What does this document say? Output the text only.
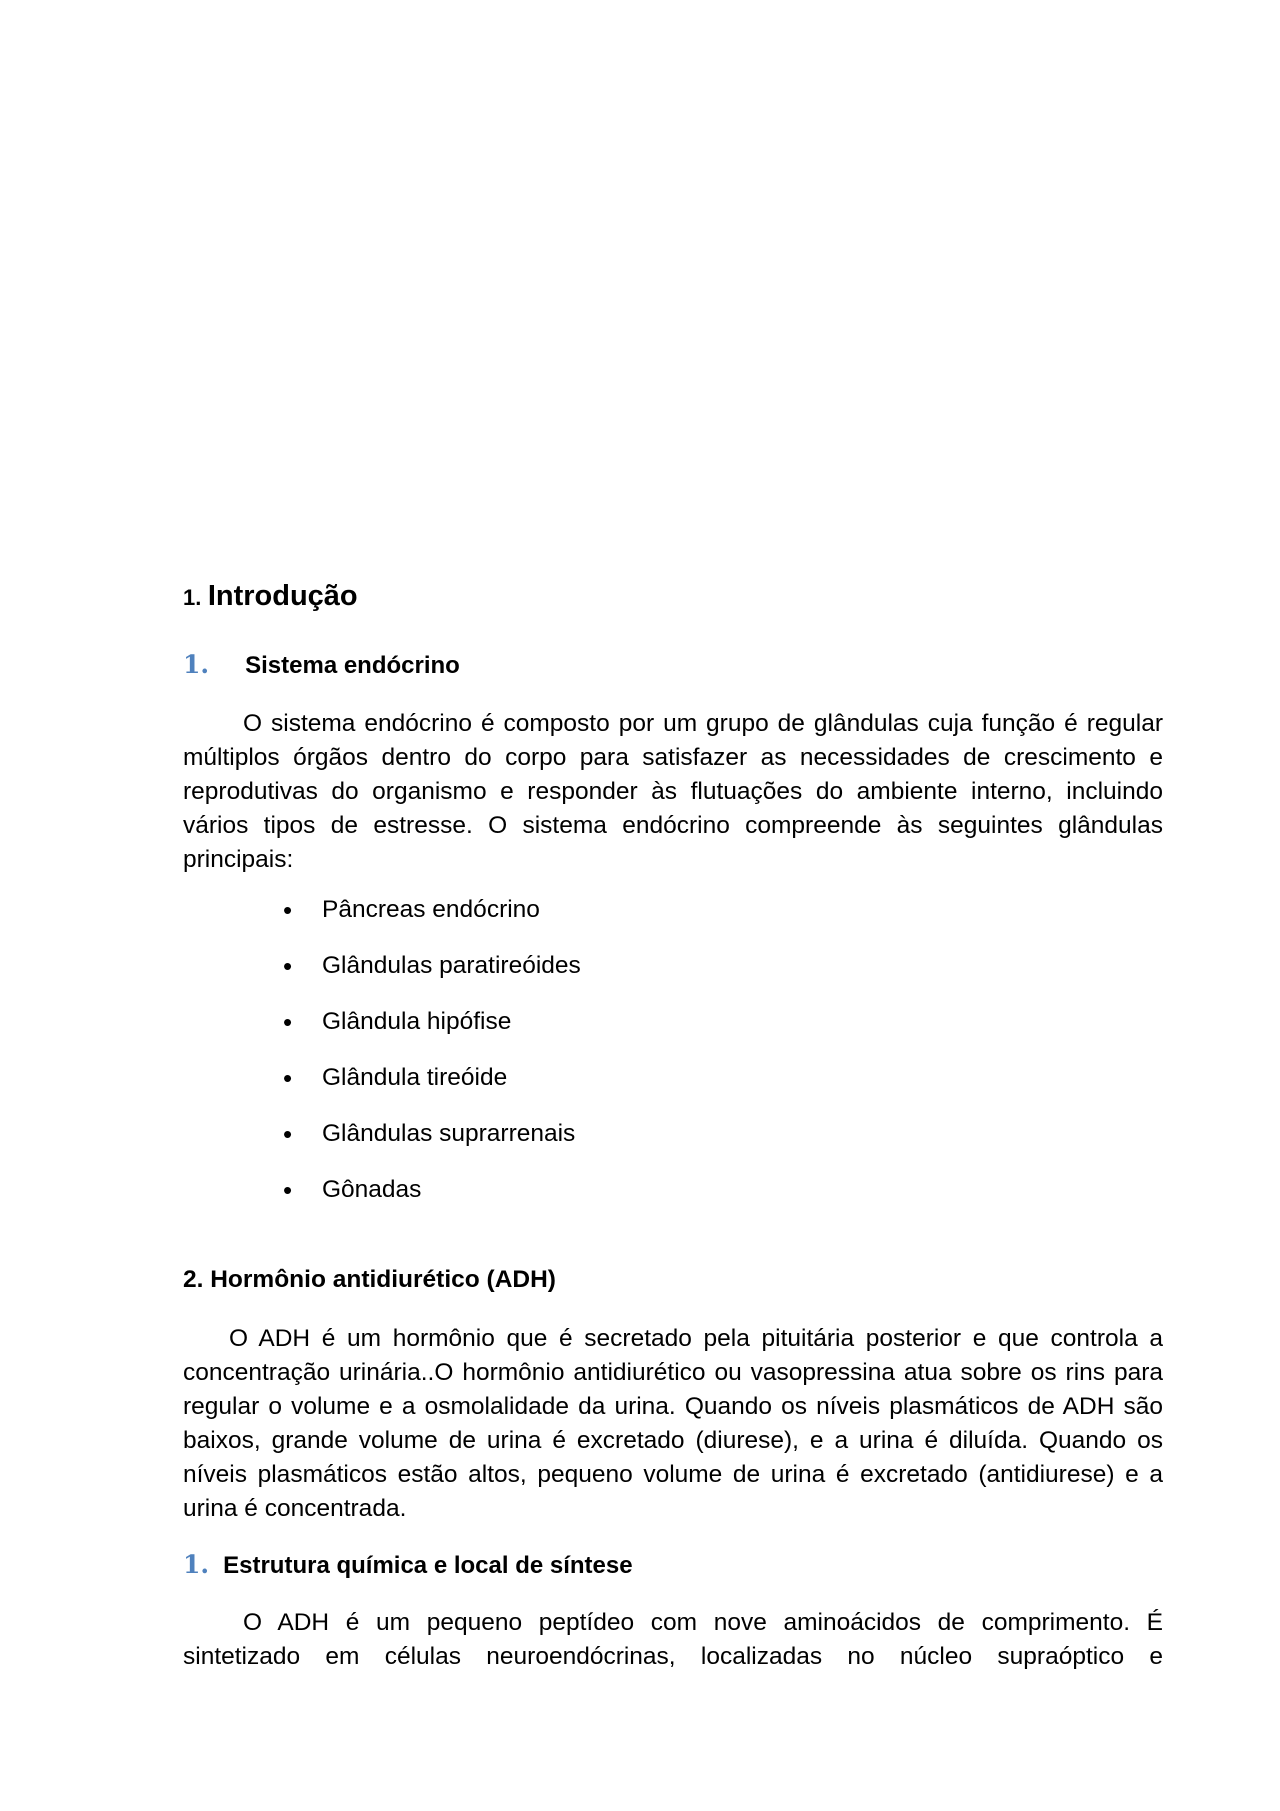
1. Introdução
1. Sistema endócrino

O sistema endócrino é composto por um grupo de glândulas cuja função é regular múltiplos órgãos dentro do corpo para satisfazer as necessidades de crescimento e reprodutivas do organismo e responder às flutuações do ambiente interno, incluindo vários tipos de estresse. O sistema endócrino compreende às seguintes glândulas principais:

• Pâncreas endócrino
• Glândulas paratireóides
• Glândula hipófise
• Glândula tireóide
• Glândulas suprarrenais
• Gônadas
2. Hormônio antidiurético (ADH)

O ADH é um hormônio que é secretado pela pituitária posterior e que controla a concentração urinária..O hormônio antidiurético ou vasopressina atua sobre os rins para regular o volume e a osmolalidade da urina. Quando os níveis plasmáticos de ADH são baixos, grande volume de urina é excretado (diurese), e a urina é diluída. Quando os níveis plasmáticos estão altos, pequeno volume de urina é excretado (antidiurese) e a urina é concentrada.

1. Estrutura química e local de síntese

O ADH é um pequeno peptídeo com nove aminoácidos de comprimento. É sintetizado em células neuroendócrinas, localizadas no núcleo supraóptico e
